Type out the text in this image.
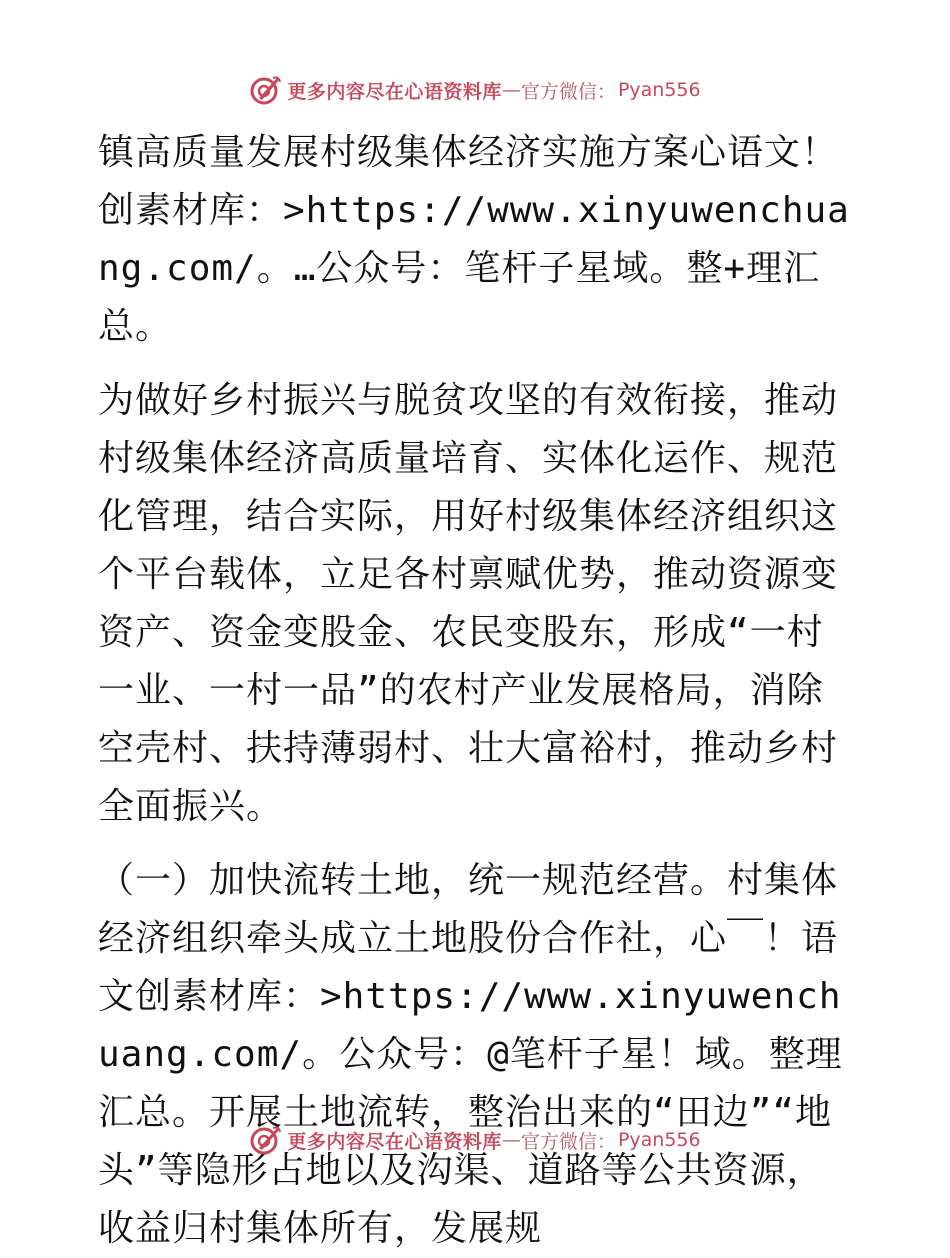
更多内容尽在心语资料库 — 官方微信： Pyan556

镇高质量发展村级集体经济实施方案心语文！创素材库：>https://www.xinyuwenchuang.com/。…公众号：笔杆子星域。整+理汇总。

为做好乡村振兴与脱贫攻坚的有效衔接，推动村级集体经济高质量培育、实体化运作、规范化管理，结合实际，用好村级集体经济组织这个平台载体，立足各村禀赋优势，推动资源变资产、资金变股金、农民变股东，形成“一村一业、一村一品”的农村产业发展格局，消除空壳村、扶持薄弱村、壮大富裕村，推动乡村全面振兴。

（一）加快流转土地，统一规范经营。村集体经济组织牵头成立土地股份合作社，心￣！语文创素材库：>https://www.xinyuwenchuang.com/。公众号：@笔杆子星！域。整理汇总。开展土地流转，整治出来的“田边”“地头”等隐形占地以及沟渠、道路等公共资源，收益归村集体所有，发展规

更多内容尽在心语资料库 — 官方微信： Pyan556
